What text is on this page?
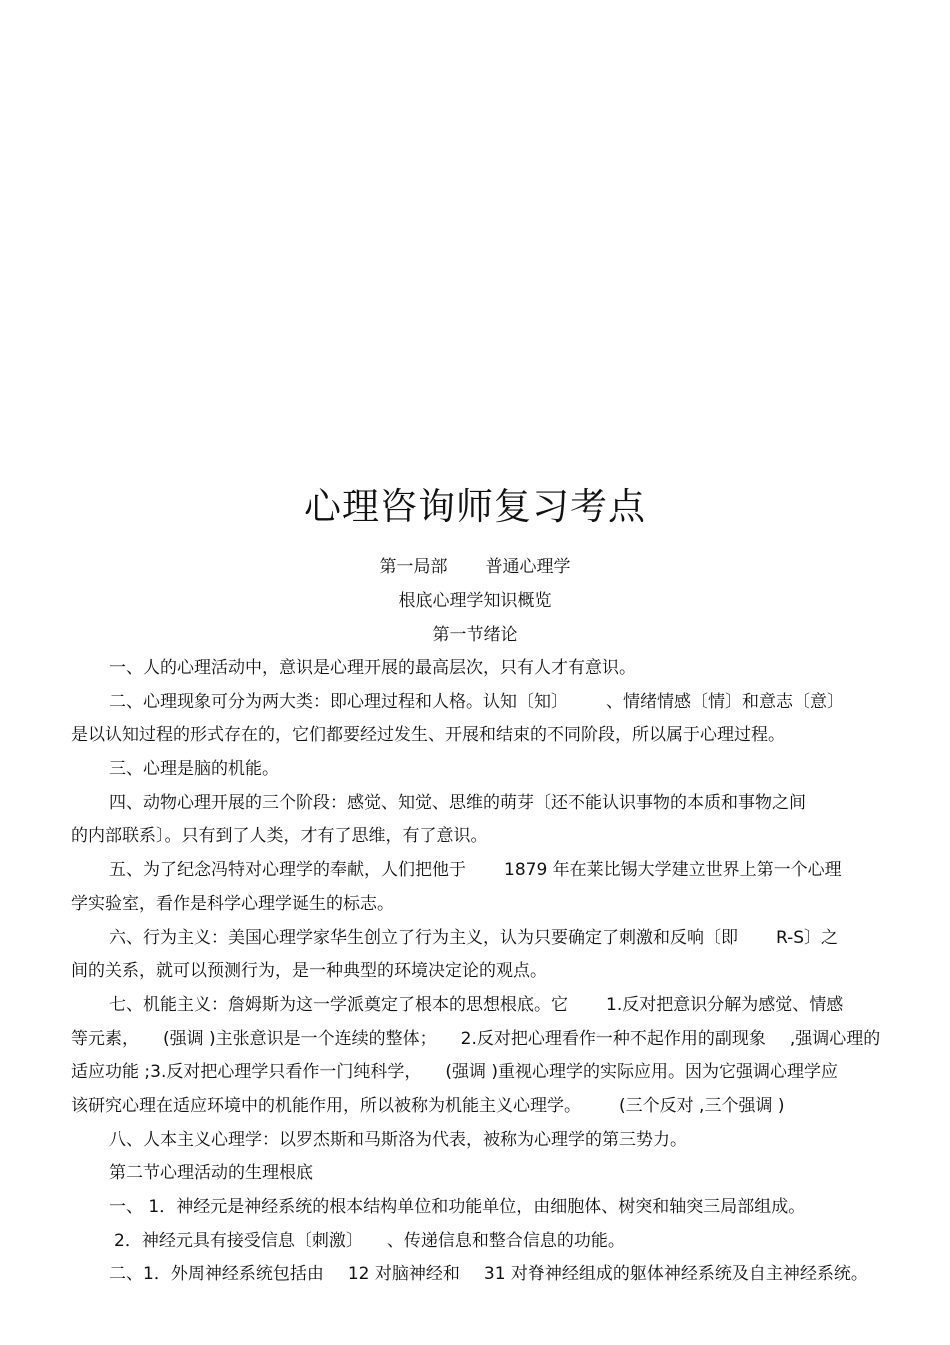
心理咨询师复习考点
第一局部 普通心理学
根底心理学知识概览
第一节绪论
一、人的心理活动中，意识是心理开展的最高层次，只有人才有意识。
二、心理现象可分为两大类：即心理过程和人格。认知〔知〕 、情绪情感〔情〕和意志〔意〕
是以认知过程的形式存在的，它们都要经过发生、开展和结束的不同阶段，所以属于心理过程。
三、心理是脑的机能。
四、动物心理开展的三个阶段：感觉、知觉、思维的萌芽〔还不能认识事物的本质和事物之间
的内部联系〕。只有到了人类，才有了思维，有了意识。
五、为了纪念冯特对心理学的奉献，人们把他于 1879 年在莱比锡大学建立世界上第一个心理
学实验室，看作是科学心理学诞生的标志。
六、行为主义：美国心理学家华生创立了行为主义，认为只要确定了刺激和反响〔即 R-S〕之
间的关系，就可以预测行为，是一种典型的环境决定论的观点。
七、机能主义：詹姆斯为这一学派奠定了根本的思想根底。它 1.反对把意识分解为感觉、情感
等元素， (强调 )主张意识是一个连续的整体； 2.反对把心理看作一种不起作用的副现象 ,强调心理的
适应功能 ;3.反对把心理学只看作一门纯科学， (强调 )重视心理学的实际应用。因为它强调心理学应
该研究心理在适应环境中的机能作用，所以被称为机能主义心理学。 (三个反对 ,三个强调 )
八、人本主义心理学：以罗杰斯和马斯洛为代表，被称为心理学的第三势力。
第二节心理活动的生理根底
一、 1．神经元是神经系统的根本结构单位和功能单位，由细胞体、树突和轴突三局部组成。
2．神经元具有接受信息〔刺激〕 、传递信息和整合信息的功能。
二、1．外周神经系统包括由 12 对脑神经和 31 对脊神经组成的躯体神经系统及自主神经系统。
